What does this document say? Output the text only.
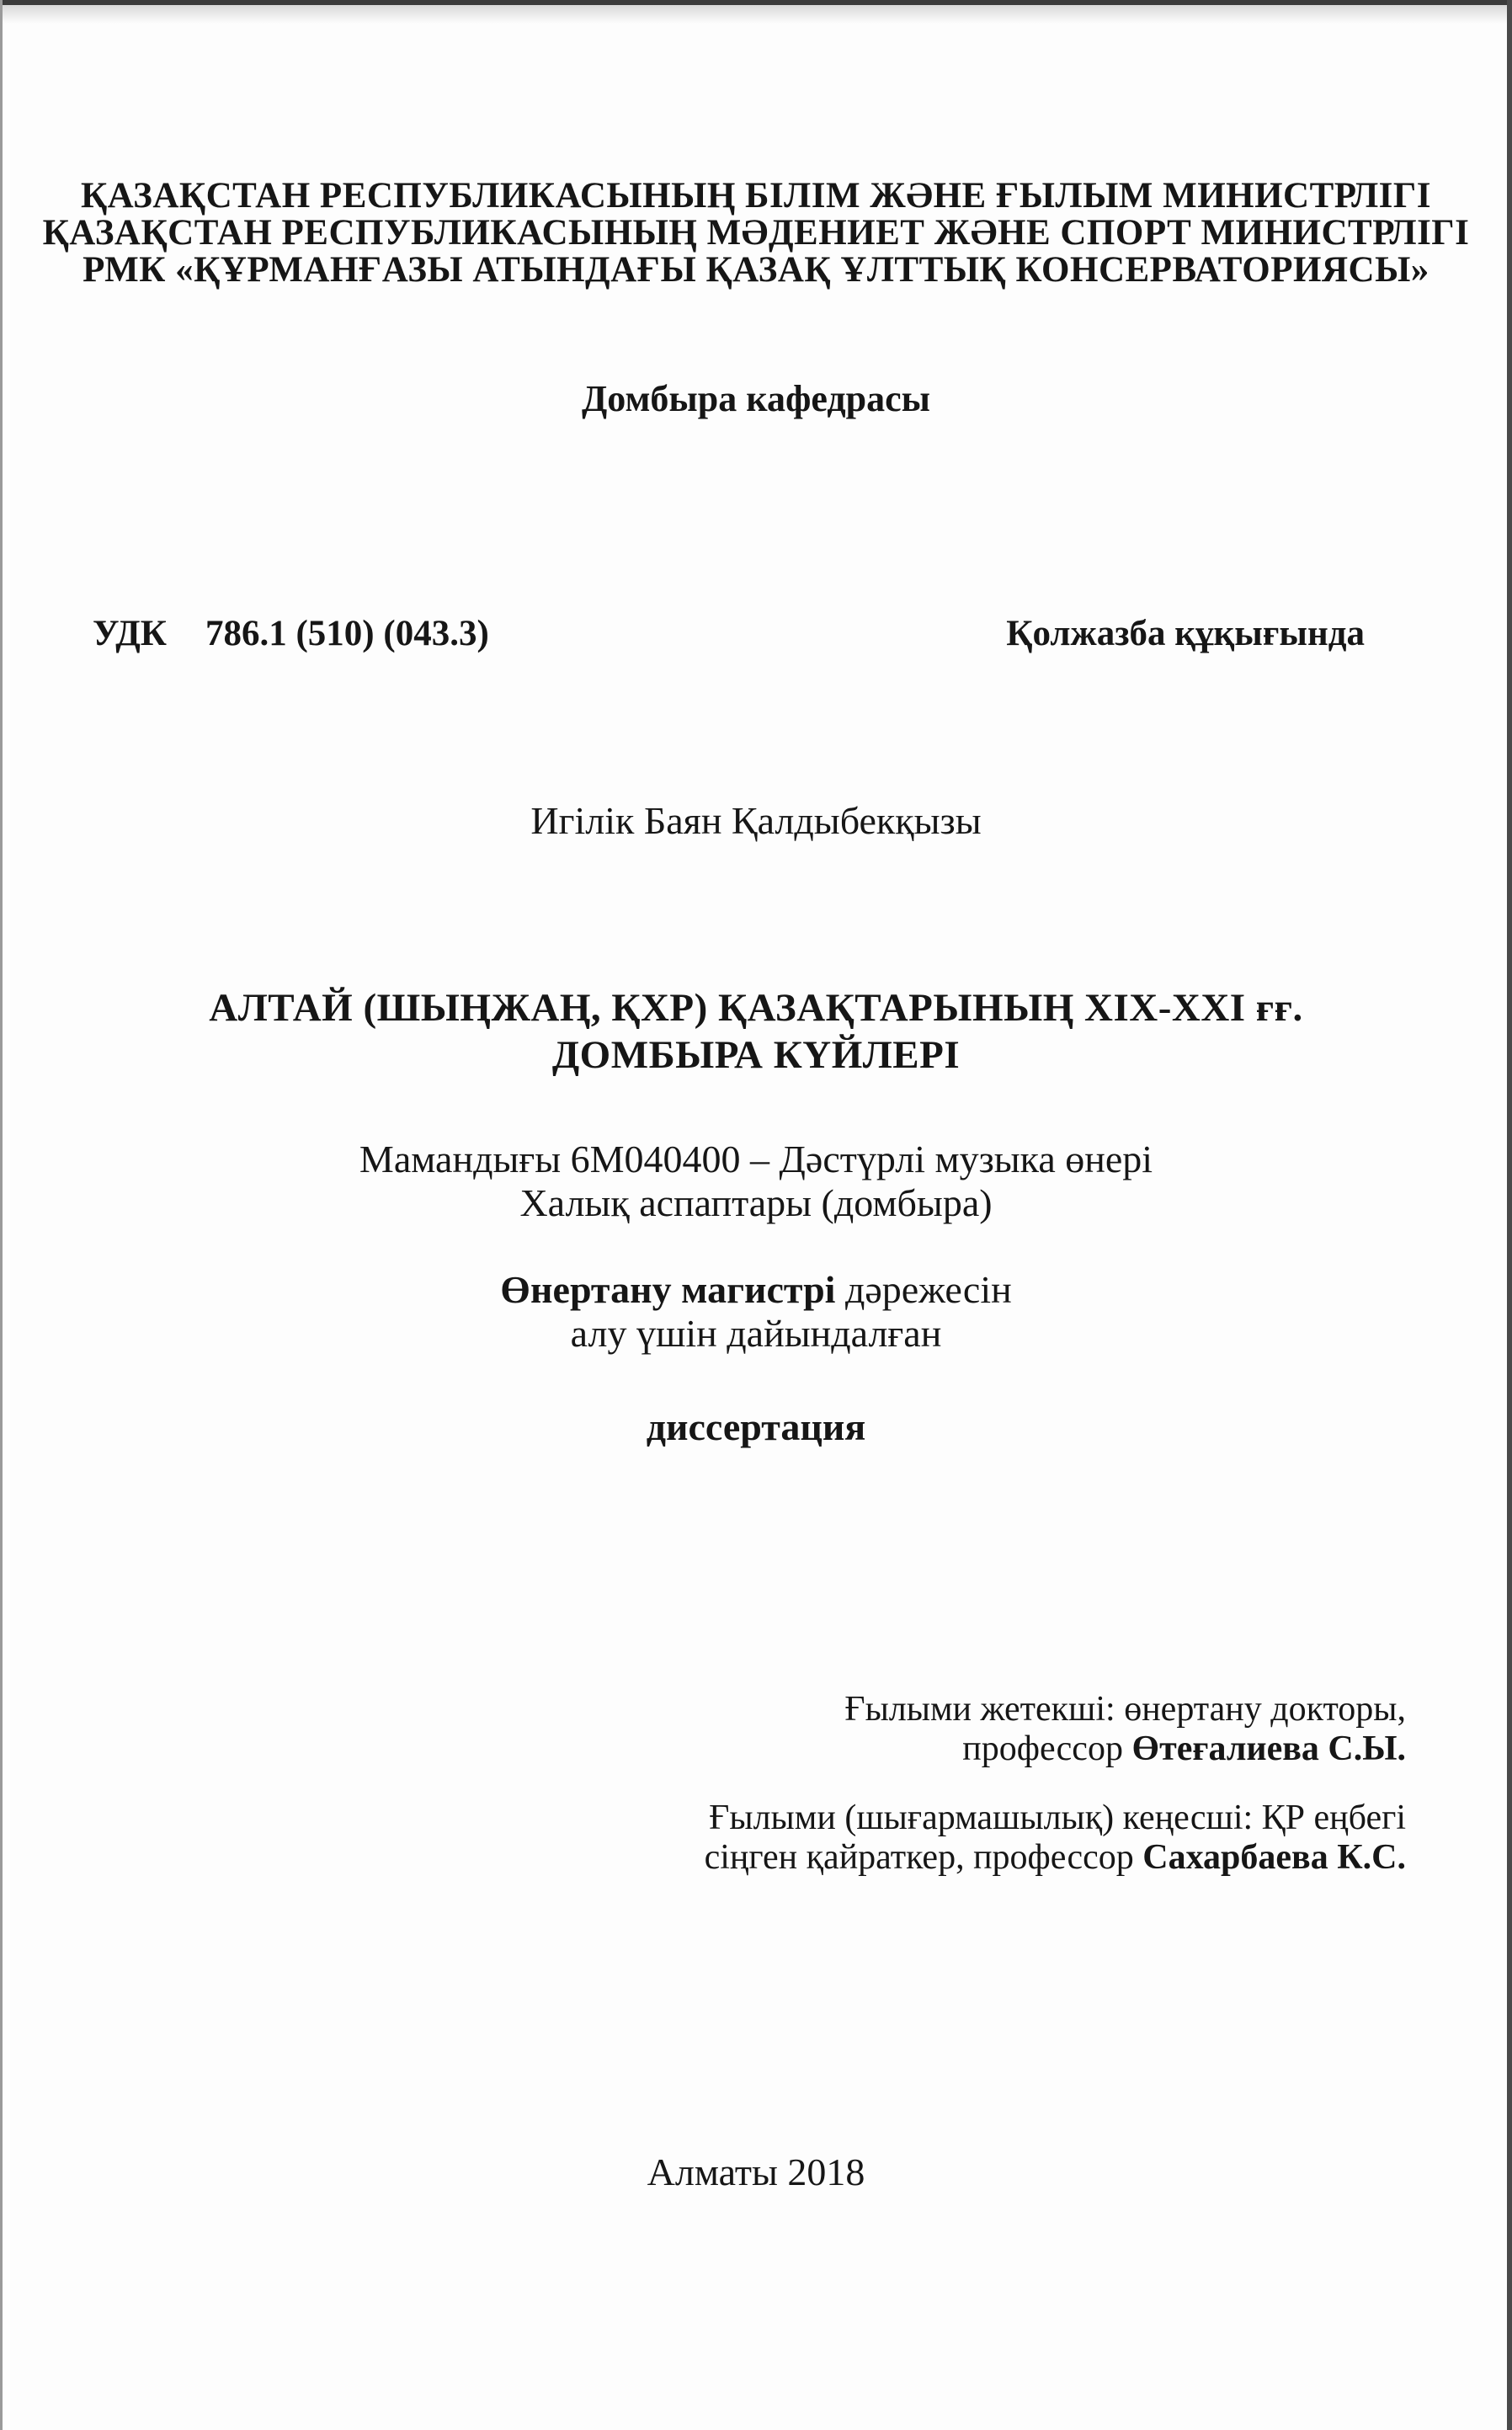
ҚАЗАҚСТАН РЕСПУБЛИКАСЫНЫҢ БІЛІМ ЖӘНЕ ҒЫЛЫМ МИНИСТРЛІГІ
ҚАЗАҚСТАН РЕСПУБЛИКАСЫНЫҢ МӘДЕНИЕТ ЖӘНЕ СПОРТ МИНИСТРЛІГІ
РМК «ҚҰРМАНҒАЗЫ АТЫНДАҒЫ ҚАЗАҚ ҰЛТТЫҚ КОНСЕРВАТОРИЯСЫ»
Домбыра кафедрасы
УДК 786.1 (510) (043.3)	Қолжазба құқығында
Игілік Баян Қалдыбекқызы
АЛТАЙ (ШЫҢЖАҢ, ҚХР) ҚАЗАҚТАРЫНЫҢ XIX-XXI ғғ.
ДОМБЫРА КҮЙЛЕРІ
Мамандығы 6М040400 – Дәстүрлі музыка өнері
Халық аспаптары (домбыра)
Өнертану магистрі дәрежесін
алу үшін дайындалған
диссертация
Ғылыми жетекші: өнертану докторы,
профессор Өтеғалиева С.Ы.
Ғылыми (шығармашылық) кеңесші: ҚР еңбегі
сіңген қайраткер, профессор Сахарбаева К.С.
Алматы 2018
